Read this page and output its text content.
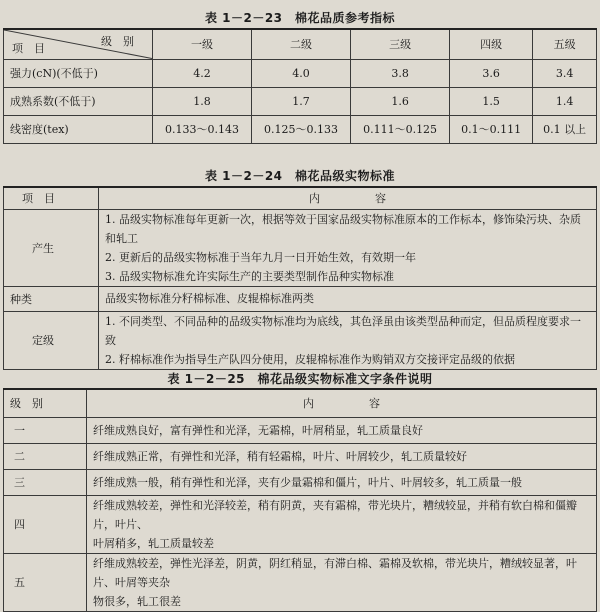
表 1－2－23　棉花品质参考指标
级　别
项　目	一级	二级	三级	四级	五级
强力(cN)(不低于)	4.2	4.0	3.8	3.6	3.4
成熟系数(不低于)	1.8	1.7	1.6	1.5	1.4
线密度(tex)	0.133～0.143	0.125～0.133	0.111～0.125	0.1～0.111	0.1 以上
表 1－2－24　棉花品级实物标准
项　目	内　　　　　容
产生	1. 品级实物标准每年更新一次，根据等效于国家品级实物标准原本的工作标本，修饰染污块、杂质和轧工

2. 更新后的品级实物标准于当年九月一日开始生效，有效期一年

3. 品级实物标准允许实际生产的主要类型制作品种实物标准

种类	品级实物标准分籽棉标准、皮辊棉标准两类

定级	1. 不同类型、不同品种的品级实物标准均为底线，其色泽虽由该类型品种而定，但品质程度要求一致

2. 籽棉标准作为指导生产队四分使用，皮辊棉标准作为购销双方交接评定品级的依据

表 1－2－25　棉花品级实物标准文字条件说明
级　别	内　　　　　容
一	纤维成熟良好，富有弹性和光泽，无霜棉，叶屑稍显，轧工质量良好

二	纤维成熟正常，有弹性和光泽，稍有轻霜棉，叶片、叶屑较少，轧工质量较好

三	纤维成熟一般，稍有弹性和光泽，夹有少量霜棉和僵片，叶片、叶屑较多，轧工质量一般

四	纤维成熟较差，弹性和光泽较差，稍有阴黄，夹有霜棉，带光块片，糟绒较显，并稍有软白棉和僵瓣片，叶片、

叶屑稍多，轧工质量较差

五	纤维成熟较差，弹性光泽差，阴黄，阴红稍显，有滞白棉、霜棉及软棉，带光块片，糟绒较显著，叶片、叶屑等夹杂

物很多，轧工很差
